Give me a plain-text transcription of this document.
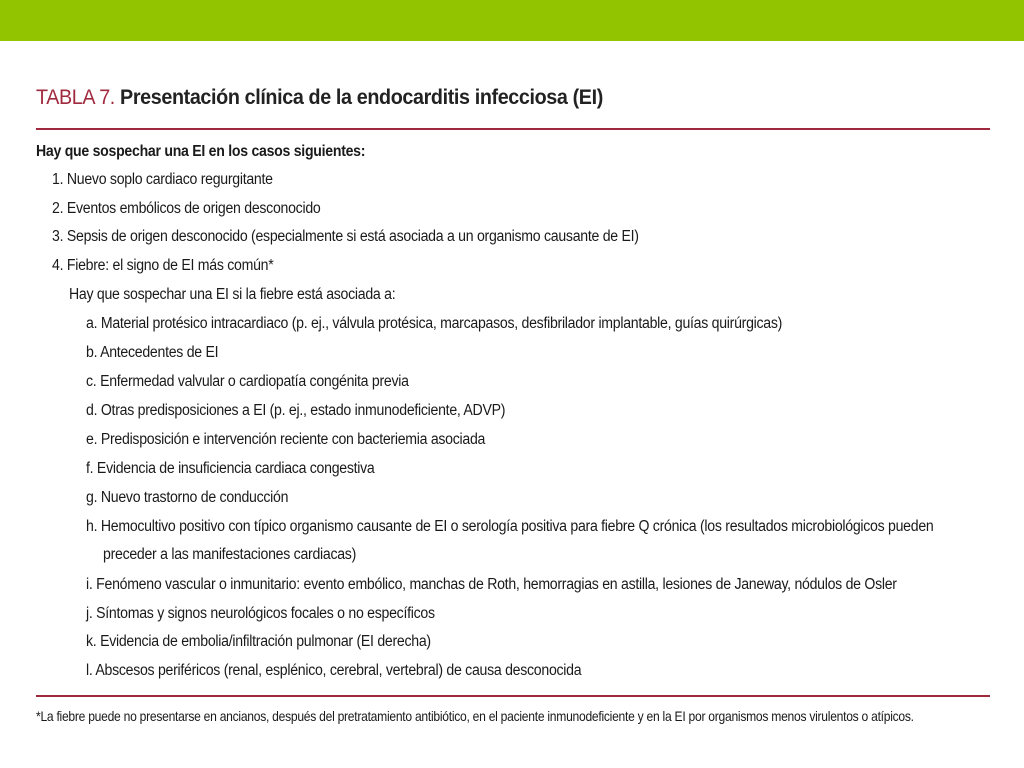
TABLA 7. Presentación clínica de la endocarditis infecciosa (EI)
Hay que sospechar una EI en los casos siguientes:
1. Nuevo soplo cardiaco regurgitante
2. Eventos embólicos de origen desconocido
3. Sepsis de origen desconocido (especialmente si está asociada a un organismo causante de EI)
4. Fiebre: el signo de EI más común*
Hay que sospechar una EI si la fiebre está asociada a:
a. Material protésico intracardiaco (p. ej., válvula protésica, marcapasos, desfibrilador implantable, guías quirúrgicas)
b. Antecedentes de EI
c. Enfermedad valvular o cardiopatía congénita previa
d. Otras predisposiciones a EI (p. ej., estado inmunodeficiente, ADVP)
e. Predisposición e intervención reciente con bacteriemia asociada
f. Evidencia de insuficiencia cardiaca congestiva
g. Nuevo trastorno de conducción
h. Hemocultivo positivo con típico organismo causante de EI o serología positiva para fiebre Q crónica (los resultados microbiológicos pueden
preceder a las manifestaciones cardiacas)
i. Fenómeno vascular o inmunitario: evento embólico, manchas de Roth, hemorragias en astilla, lesiones de Janeway, nódulos de Osler
j. Síntomas y signos neurológicos focales o no específicos
k. Evidencia de embolia/infiltración pulmonar (EI derecha)
l. Abscesos periféricos (renal, esplénico, cerebral, vertebral) de causa desconocida
*La fiebre puede no presentarse en ancianos, después del pretratamiento antibiótico, en el paciente inmunodeficiente y en la EI por organismos menos virulentos o atípicos.
